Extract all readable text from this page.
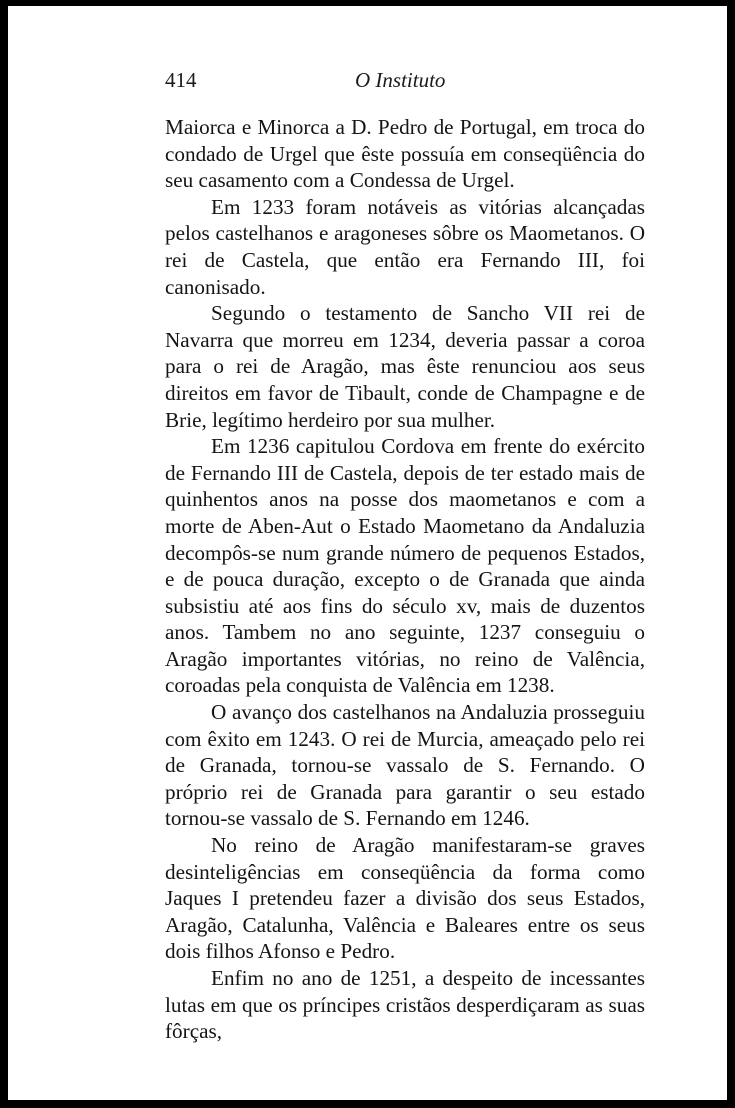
414	O Instituto

Maiorca e Minorca a D. Pedro de Portugal, em troca do condado de Urgel que êste possuía em conseqüência do seu casamento com a Condessa de Urgel.

Em 1233 foram notáveis as vitórias alcançadas pelos castelhanos e aragoneses sôbre os Maometanos. O rei de Castela, que então era Fernando III, foi canonisado.

Segundo o testamento de Sancho VII rei de Navarra que morreu em 1234, deveria passar a coroa para o rei de Aragão, mas êste renunciou aos seus direitos em favor de Tibault, conde de Champagne e de Brie, legítimo herdeiro por sua mulher.

Em 1236 capitulou Cordova em frente do exército de Fernando III de Castela, depois de ter estado mais de quinhentos anos na posse dos maometanos e com a morte de Aben-Aut o Estado Maometano da Andaluzia decompôs-se num grande número de pequenos Estados, e de pouca duração, excepto o de Granada que ainda subsistiu até aos fins do século xv, mais de duzentos anos. Tambem no ano seguinte, 1237 conseguiu o Aragão importantes vitórias, no reino de Valência, coroadas pela conquista de Valência em 1238.

O avanço dos castelhanos na Andaluzia prosseguiu com êxito em 1243. O rei de Murcia, ameaçado pelo rei de Granada, tornou-se vassalo de S. Fernando. O próprio rei de Granada para garantir o seu estado tornou-se vassalo de S. Fernando em 1246.

No reino de Aragão manifestaram-se graves desinteligências em conseqüência da forma como Jaques I pretendeu fazer a divisão dos seus Estados, Aragão, Catalunha, Valência e Baleares entre os seus dois filhos Afonso e Pedro.

Enfim no ano de 1251, a despeito de incessantes lutas em que os príncipes cristãos desperdiçaram as suas fôrças,
